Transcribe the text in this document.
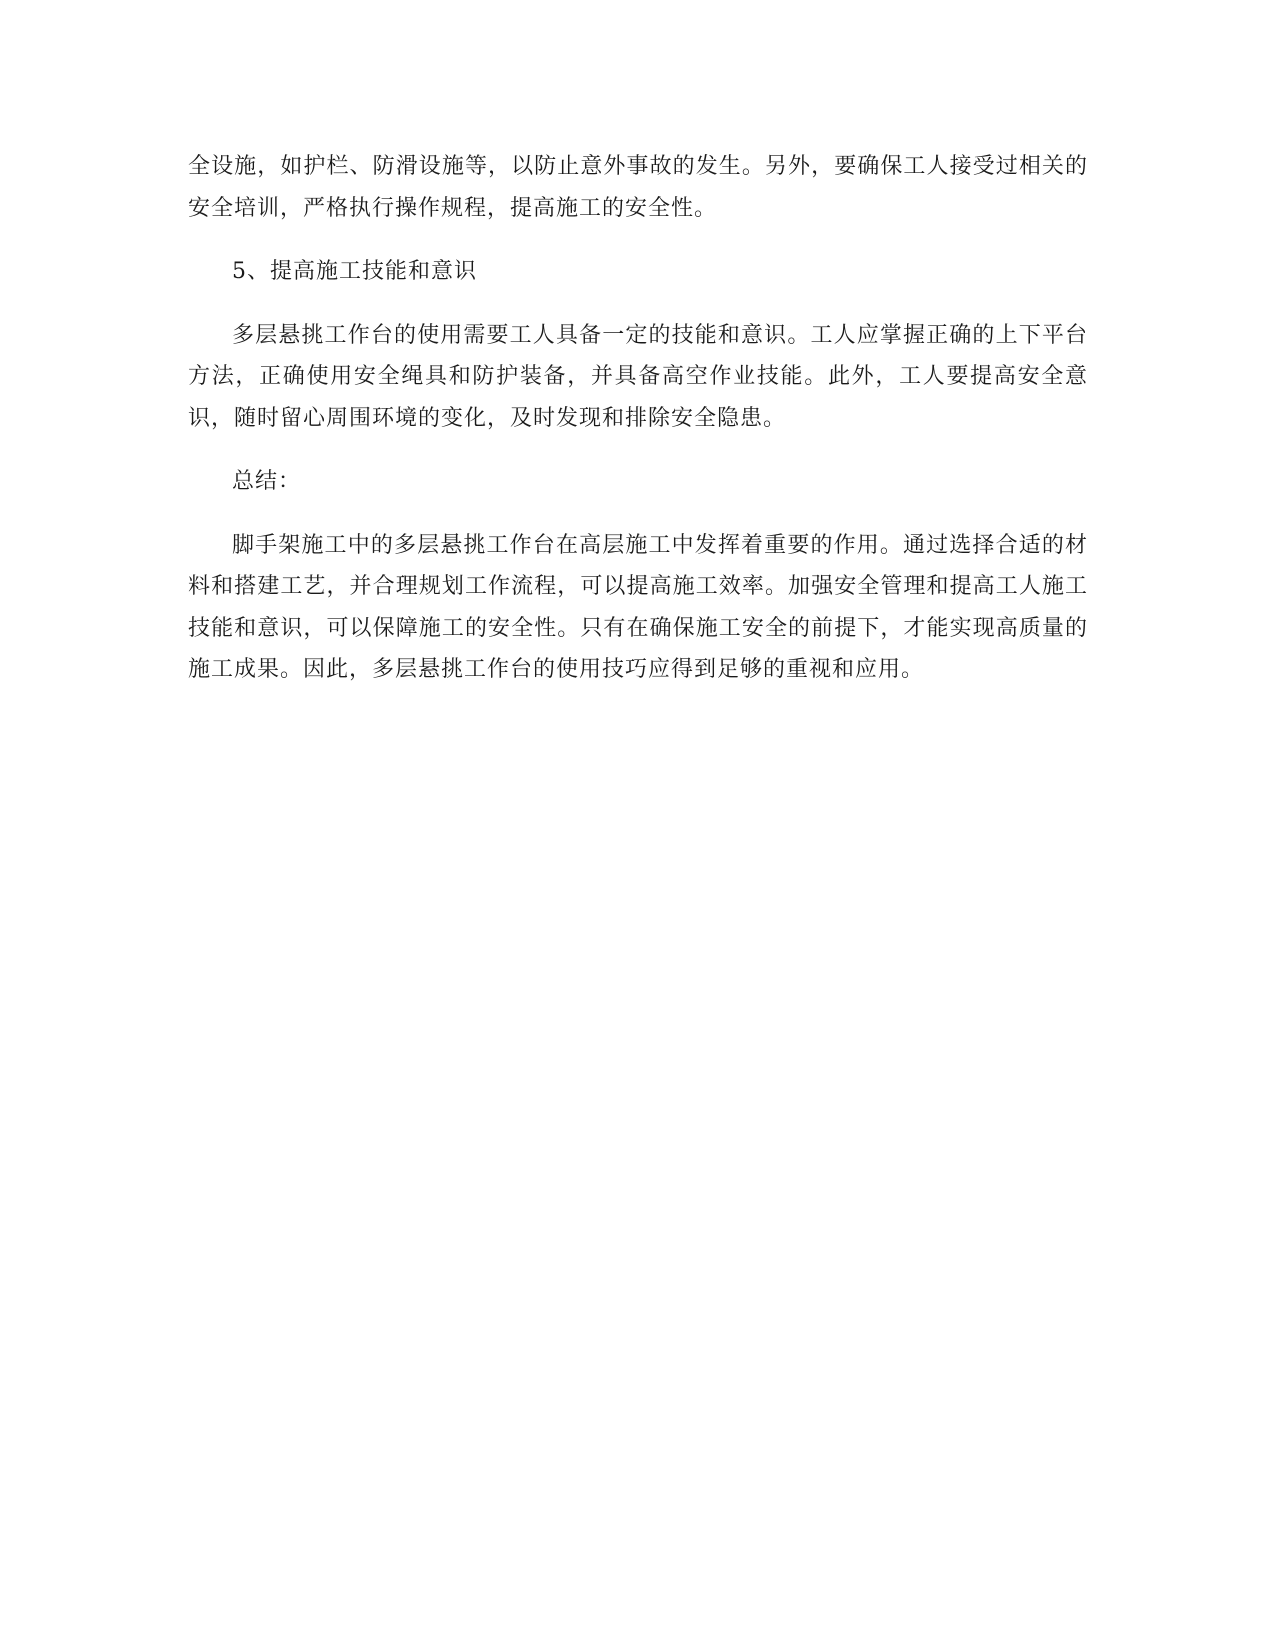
全设施，如护栏、防滑设施等，以防止意外事故的发生。另外，要确保工人接受过相关的安全培训，严格执行操作规程，提高施工的安全性。

5、提高施工技能和意识

多层悬挑工作台的使用需要工人具备一定的技能和意识。工人应掌握正确的上下平台方法，正确使用安全绳具和防护装备，并具备高空作业技能。此外，工人要提高安全意识，随时留心周围环境的变化，及时发现和排除安全隐患。

总结：

脚手架施工中的多层悬挑工作台在高层施工中发挥着重要的作用。通过选择合适的材料和搭建工艺，并合理规划工作流程，可以提高施工效率。加强安全管理和提高工人施工技能和意识，可以保障施工的安全性。只有在确保施工安全的前提下，才能实现高质量的施工成果。因此，多层悬挑工作台的使用技巧应得到足够的重视和应用。
